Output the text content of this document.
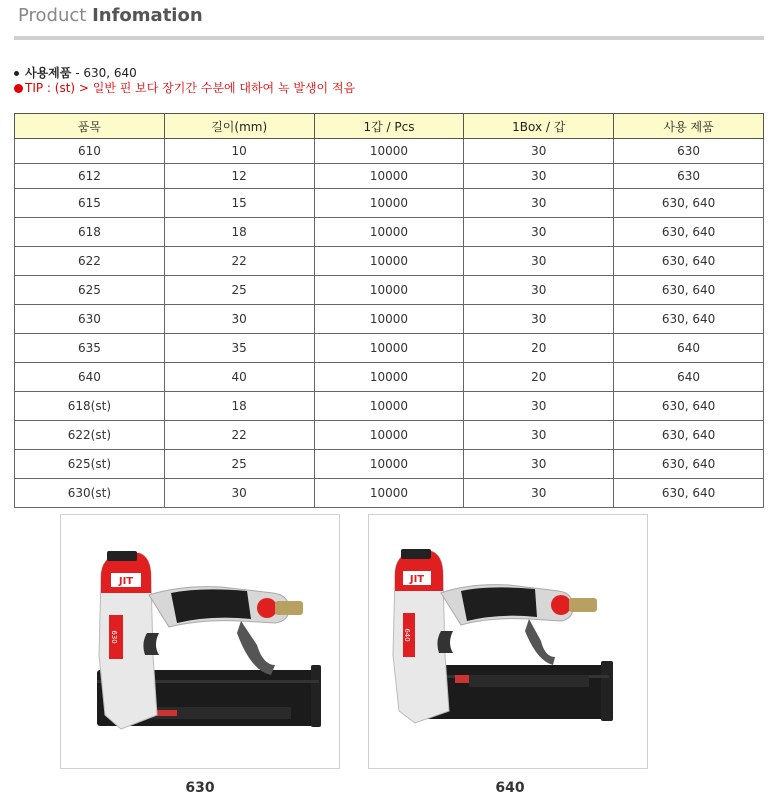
Product Infomation
사용제품 - 630, 640
TIP : (st) > 일반 핀 보다 장기간 수분에 대하여 녹 발생이 적음
품목	길이(mm)	1갑 / Pcs	1Box / 갑	사용 제품
610	10	10000	30	630
612	12	10000	30	630
615	15	10000	30	630, 640
618	18	10000	30	630, 640
622	22	10000	30	630, 640
625	25	10000	30	630, 640
630	30	10000	30	630, 640
635	35	10000	20	640
640	40	10000	20	640
618(st)	18	10000	30	630, 640
622(st)	22	10000	30	630, 640
625(st)	25	10000	30	630, 640
630(st)	30	10000	30	630, 640
JIT
630
630
JIT
640
640
